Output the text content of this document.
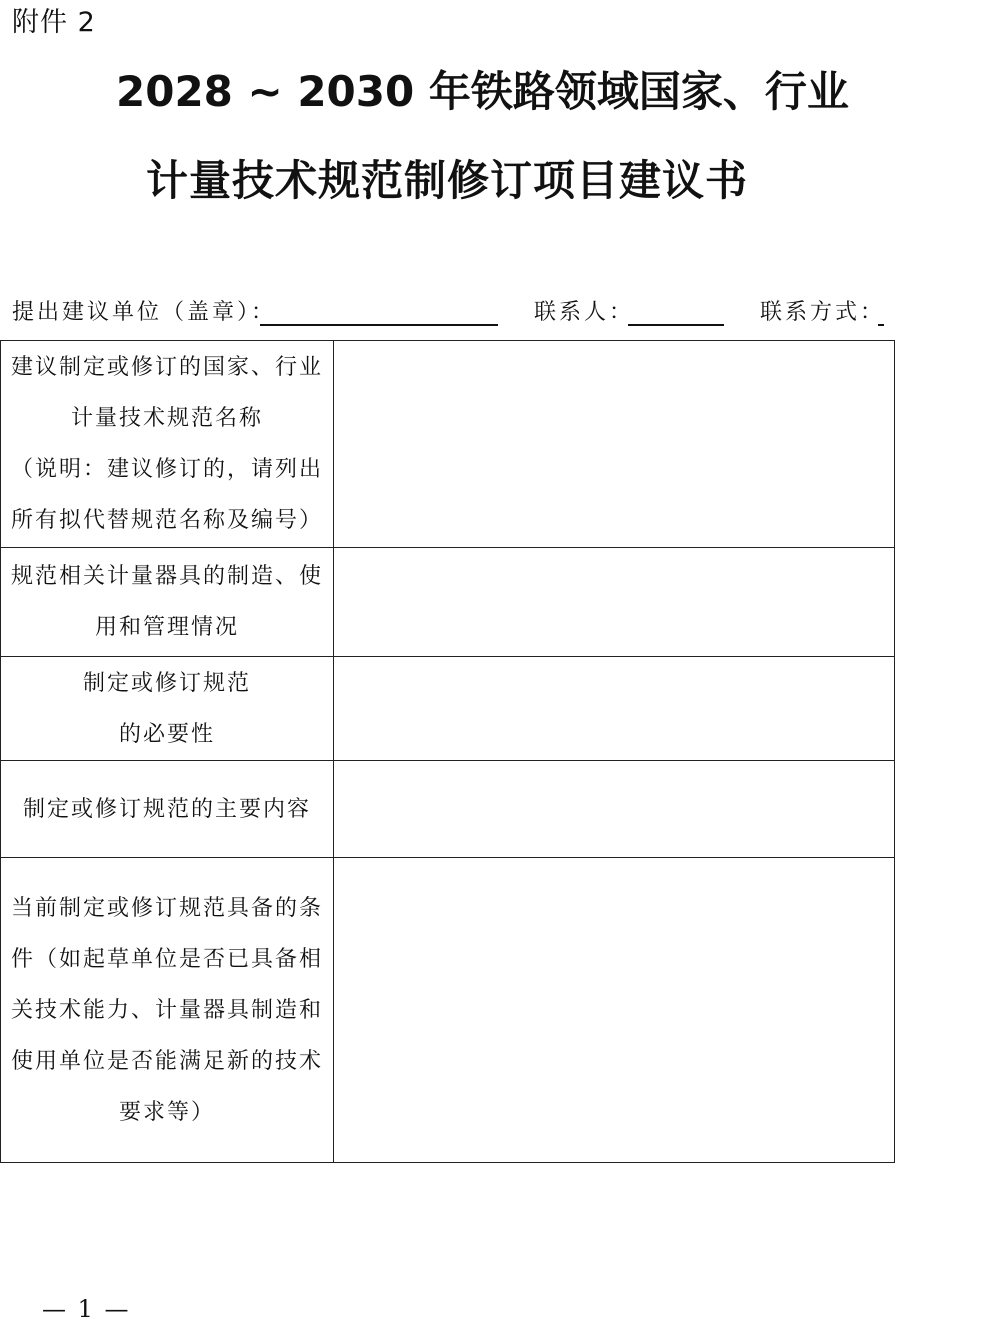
附件 2
2028 ~ 2030 年铁路领域国家、行业
计量技术规范制修订项目建议书
提出建议单位（盖章）：	联系人：	联系方式：
建议制定或修订的国家、行业
计量技术规范名称
（说明：建议修订的，请列出
所有拟代替规范名称及编号）	

规范相关计量器具的制造、使
用和管理情况	

制定或修订规范
的必要性	

制定或修订规范的主要内容	

当前制定或修订规范具备的条
件（如起草单位是否已具备相
关技术能力、计量器具制造和
使用单位是否能满足新的技术
要求等）	

— 1 —
